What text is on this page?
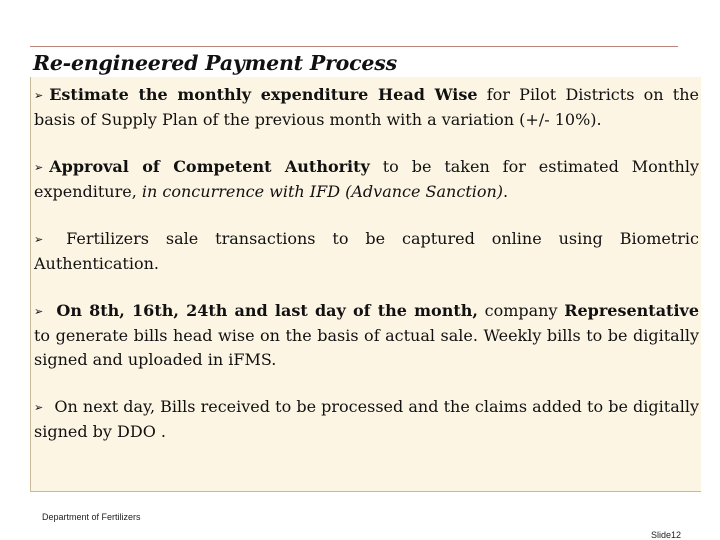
Re-engineered Payment Process
➢ Estimate the monthly expenditure Head Wise for Pilot Districts on the basis of Supply Plan of the previous month with a variation (+/- 10%).
➢ Approval of Competent Authority to be taken for estimated Monthly expenditure, in concurrence with IFD (Advance Sanction).
➢ Fertilizers sale transactions to be captured online using Biometric Authentication.
➢ On 8th, 16th, 24th and last day of the month, company Representative to generate bills head wise on the basis of actual sale. Weekly bills to be digitally signed and uploaded in iFMS.
➢ On next day, Bills received to be processed and the claims added to be digitally signed by DDO .
Department of Fertilizers
Slide12
